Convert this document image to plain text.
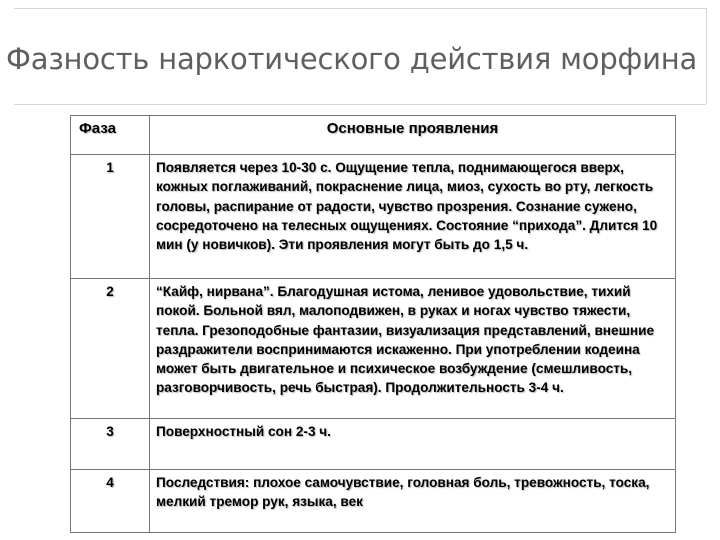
Фазность наркотического действия морфина
Фаза	Основные проявления
1	Появляется через 10-30 с. Ощущение тепла, поднимающегося вверх, кожных поглаживаний, покраснение лица, миоз, сухость во рту, легкость головы, распирание от радости, чувство прозрения. Сознание сужено, сосредоточено на телесных ощущениях. Состояние “прихода”. Длится 10 мин (у новичков). Эти проявления могут быть до 1,5 ч.
2	“Кайф, нирвана”. Благодушная истома, ленивое удовольствие, тихий покой. Больной вял, малоподвижен, в руках и ногах чувство тяжести, тепла. Грезоподобные фантазии, визуализация представлений, внешние раздражители воспринимаются искаженно. При употреблении кодеина может быть двигательное и психическое возбуждение (смешливость, разговорчивость, речь быстрая). Продолжительность 3-4 ч.
3	Поверхностный сон 2-3 ч.
4	Последствия: плохое самочувствие, головная боль, тревожность, тоска, мелкий тремор рук, языка, век
